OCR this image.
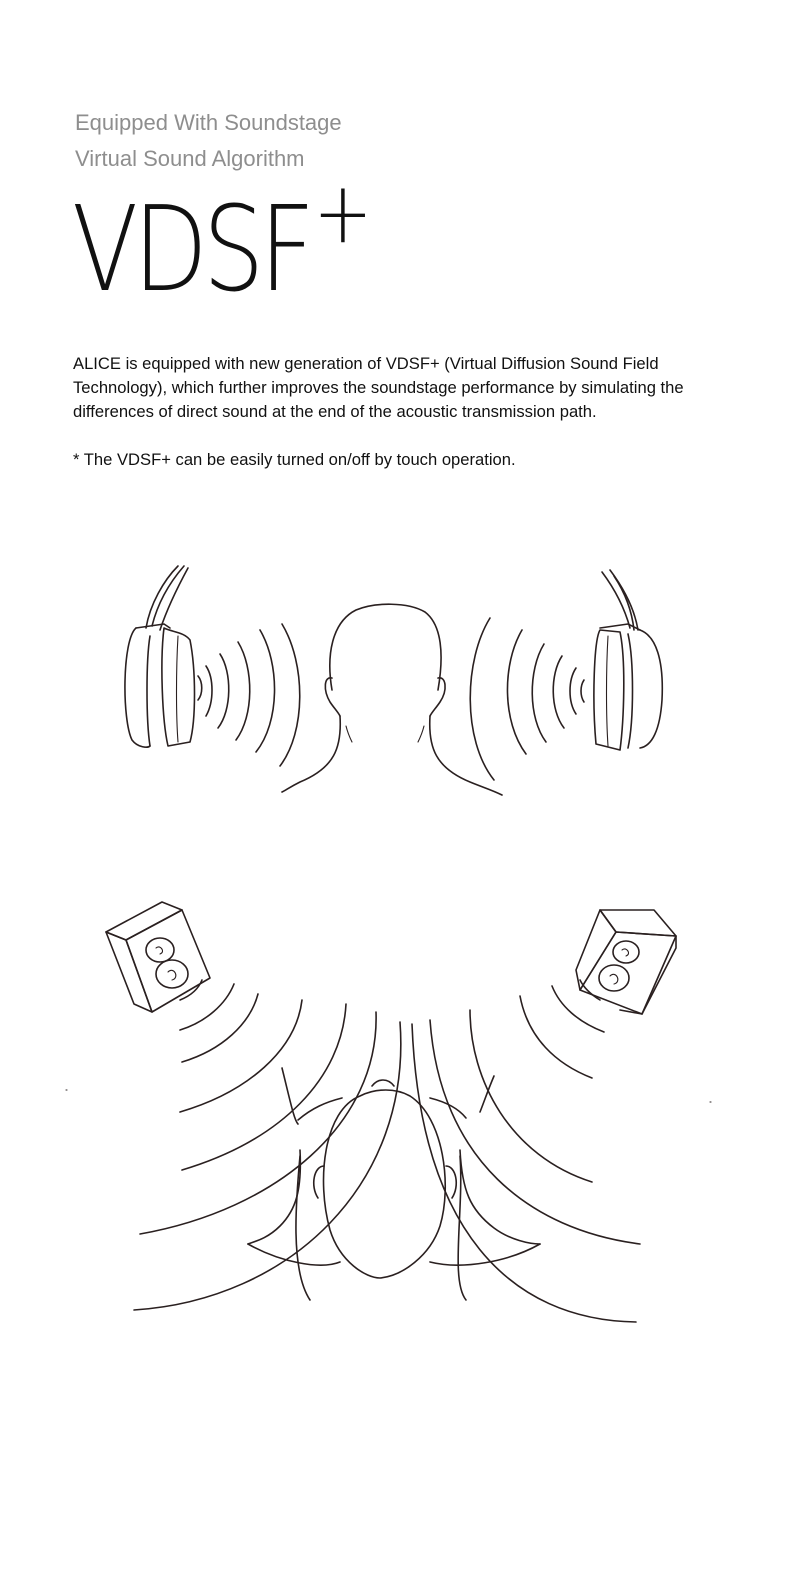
Equipped With Soundstage
Virtual Sound Algorithm
VDSF+

ALICE is equipped with new generation of VDSF+ (Virtual Diffusion Sound Field Technology), which further improves the soundstage performance by simulating the differences of direct sound at the end of the acoustic transmission path.

* The VDSF+ can be easily turned on/off by touch operation.
